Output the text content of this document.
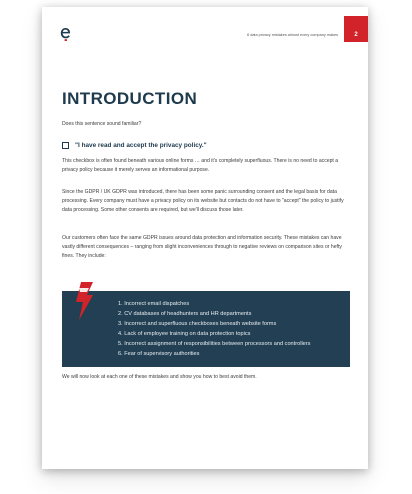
6 data privacy mistakes almost every company makes	2
INTRODUCTION

Does this sentence sound familiar?

"I have read and accept the privacy policy."

This checkbox is often found beneath various online forms … and it's completely superfluous. There is no need to accept a privacy policy because it merely serves an informational purpose.

Since the GDPR / UK GDPR was introduced, there has been some panic surrounding consent and the legal basis for data processing. Every company must have a privacy policy on its website but contacts do not have to "accept" the policy to justify data processing. Some other consents are required, but we'll discuss those later.

Our customers often face the same GDPR issues around data protection and information security. These mistakes can have vastly different consequences – ranging from slight inconveniences through to negative reviews on comparison sites or hefty fines. They include:

1. Incorrect email dispatches
2. CV databases of headhunters and HR departments
3. Incorrect and superfluous checkboxes beneath website forms
4. Lack of employee training on data protection topics
5. Incorrect assignment of responsibilities between processors and controllers
6. Fear of supervisory authorities

We will now look at each one of these mistakes and show you how to best avoid them.
